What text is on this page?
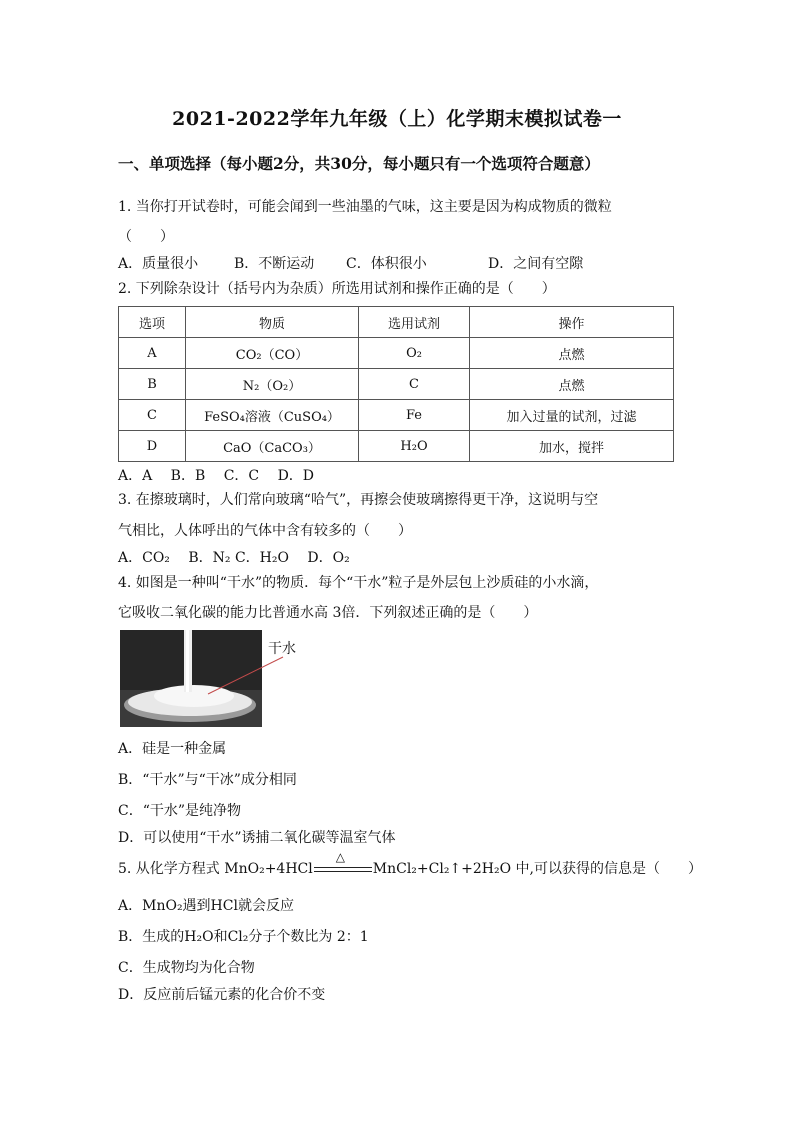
2021-2022学年九年级（上）化学期末模拟试卷一
一、单项选择（每小题2分，共30分，每小题只有一个选项符合题意）
1. 当你打开试卷时，可能会闻到一些油墨的气味，这主要是因为构成物质的微粒
（　　）
A．质量很小	B．不断运动 C．体积很小	D．之间有空隙
2. 下列除杂设计（括号内为杂质）所选用试剂和操作正确的是（　　）
选项	物质	选用试剂	操作
A	CO₂（CO）	O₂	点燃
B	N₂（O₂）	C	点燃
C	FeSO₄溶液（CuSO₄）	Fe	加入过量的试剂，过滤
D	CaO（CaCO₃）	H₂O	加水，搅拌
A．A　 B．B　 C．C　 D．D
3. 在擦玻璃时，人们常向玻璃“哈气”，再擦会使玻璃擦得更干净，这说明与空
气相比，人体呼出的气体中含有较多的（　　）
A．CO₂　 B．N₂ C．H₂O　 D．O₂
4. 如图是一种叫“干水”的物质．每个“干水”粒子是外层包上沙质硅的小水滴，
它吸收二氧化碳的能力比普通水高 3倍．下列叙述正确的是（　　）
干水
A．硅是一种金属
B．“干水”与“干冰”成分相同
C．“干水”是纯净物
D．可以使用“干水”诱捕二氧化碳等温室气体
5. 从化学方程式 MnO₂+4HCl
△
MnCl₂+Cl₂↑+2H₂O 中,可以获得的信息是（　　）
A．MnO₂遇到HCl就会反应
B．生成的H₂O和Cl₂分子个数比为 2：1
C．生成物均为化合物
D．反应前后锰元素的化合价不变
